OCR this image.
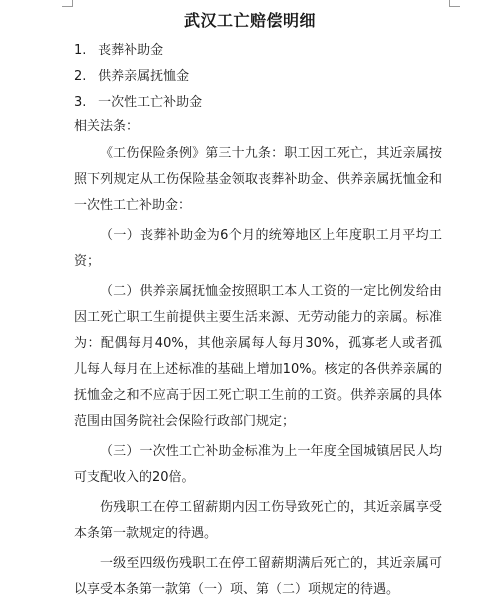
武汉工亡赔偿明细
1. 丧葬补助金
2. 供养亲属抚恤金
3. 一次性工亡补助金
相关法条：

《工伤保险条例》第三十九条：职工因工死亡，其近亲属按照下列规定从工伤保险基金领取丧葬补助金、供养亲属抚恤金和一次性工亡补助金：

（一）丧葬补助金为6个月的统筹地区上年度职工月平均工资；

（二）供养亲属抚恤金按照职工本人工资的一定比例发给由因工死亡职工生前提供主要生活来源、无劳动能力的亲属。标准为：配偶每月40%，其他亲属每人每月30%，孤寡老人或者孤儿每人每月在上述标准的基础上增加10%。核定的各供养亲属的抚恤金之和不应高于因工死亡职工生前的工资。供养亲属的具体范围由国务院社会保险行政部门规定；

（三）一次性工亡补助金标准为上一年度全国城镇居民人均可支配收入的20倍。

伤残职工在停工留薪期内因工伤导致死亡的，其近亲属享受本条第一款规定的待遇。

一级至四级伤残职工在停工留薪期满后死亡的，其近亲属可以享受本条第一款第（一）项、第（二）项规定的待遇。
